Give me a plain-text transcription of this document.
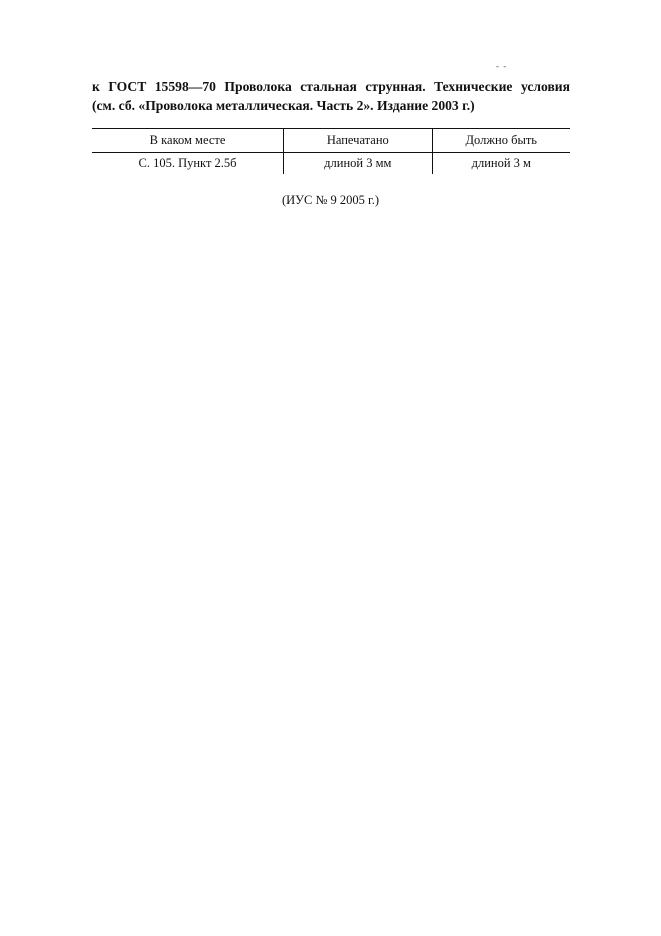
- -
к ГОСТ 15598—70 Проволока стальная струнная. Технические условия
(см. сб. «Проволока металлическая. Часть 2». Издание 2003 г.)
В каком месте	Напечатано	Должно быть
С. 105. Пункт 2.5б	длиной 3 мм	длиной 3 м
(ИУС № 9 2005 г.)
